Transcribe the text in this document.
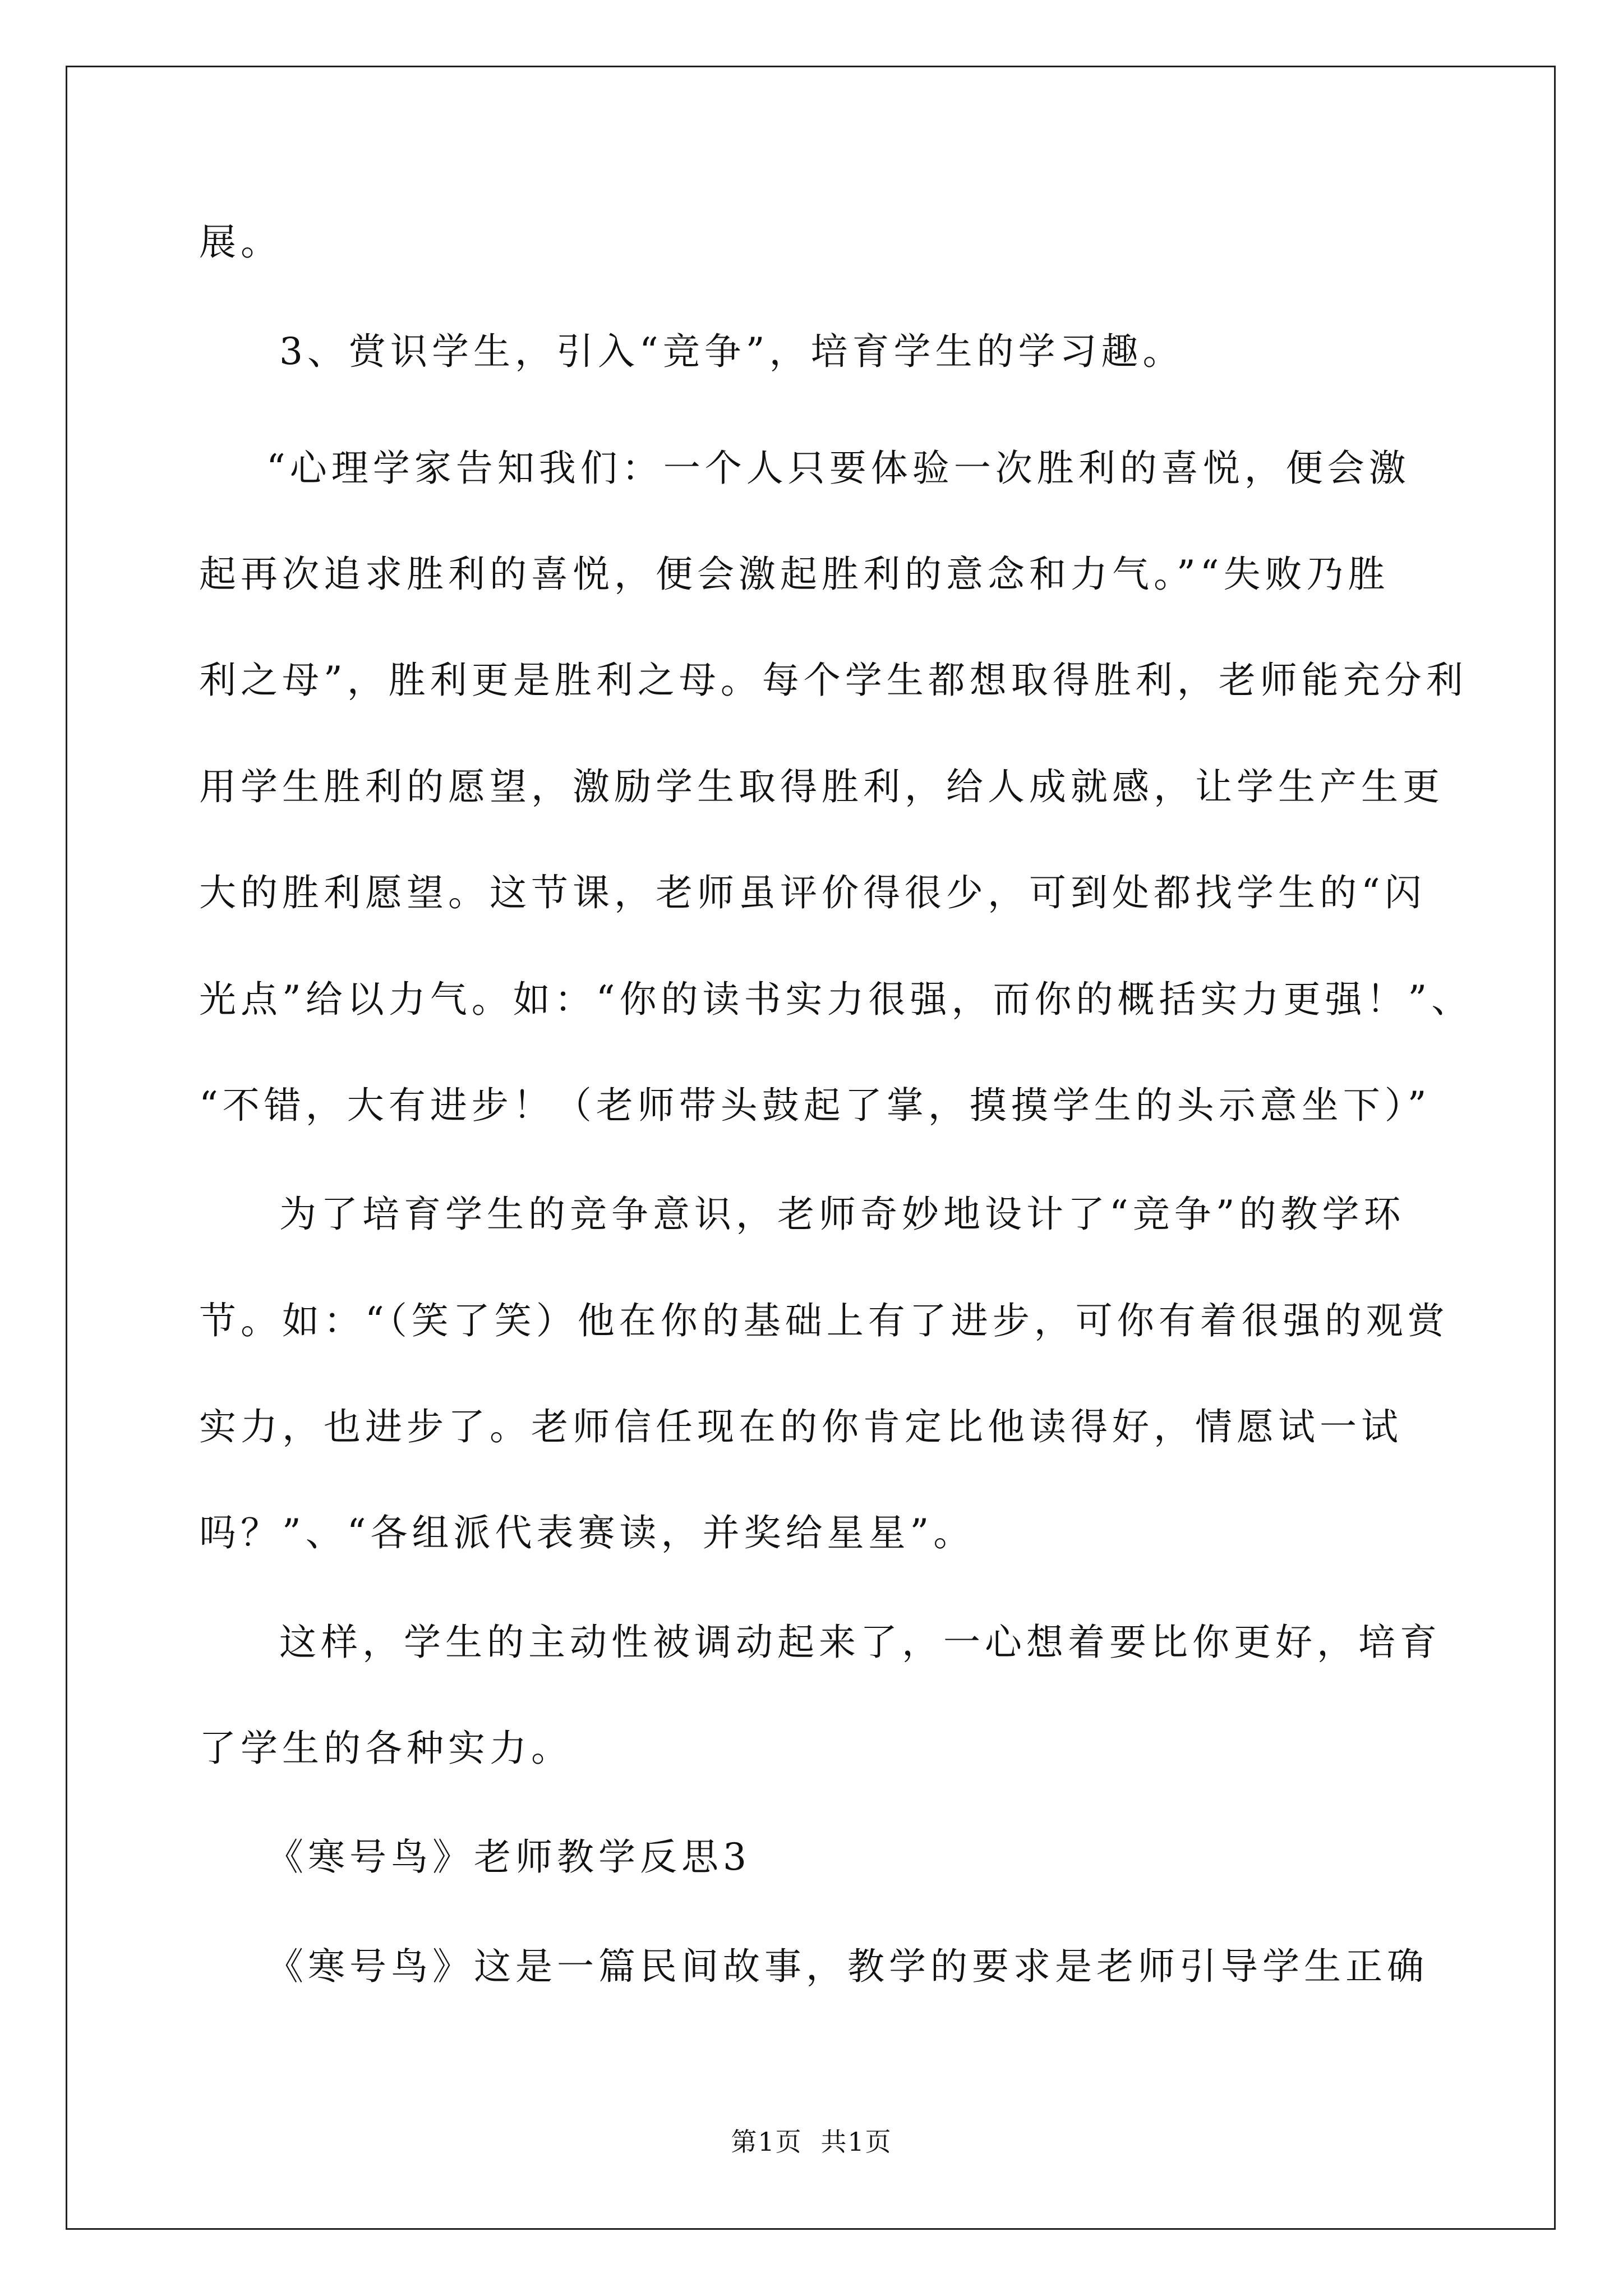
展。
3、赏识学生，引入“竞争”，培育学生的学习趣。
“心理学家告知我们：一个人只要体验一次胜利的喜悦，便会激
起再次追求胜利的喜悦，便会激起胜利的意念和力气。”“失败乃胜
利之母”，胜利更是胜利之母。每个学生都想取得胜利，老师能充分利
用学生胜利的愿望，激励学生取得胜利，给人成就感，让学生产生更
大的胜利愿望。这节课，老师虽评价得很少，可到处都找学生的“闪
光点”给以力气。如：“你的读书实力很强，而你的概括实力更强！”、
“不错，大有进步！（老师带头鼓起了掌，摸摸学生的头示意坐下）”
为了培育学生的竞争意识，老师奇妙地设计了“竞争”的教学环
节。如：“（笑了笑）他在你的基础上有了进步，可你有着很强的观赏
实力，也进步了。老师信任现在的你肯定比他读得好，情愿试一试
吗？”、“各组派代表赛读，并奖给星星”。
这样，学生的主动性被调动起来了，一心想着要比你更好，培育
了学生的各种实力。
《寒号鸟》老师教学反思3
《寒号鸟》这是一篇民间故事，教学的要求是老师引导学生正确
第1页 共1页
